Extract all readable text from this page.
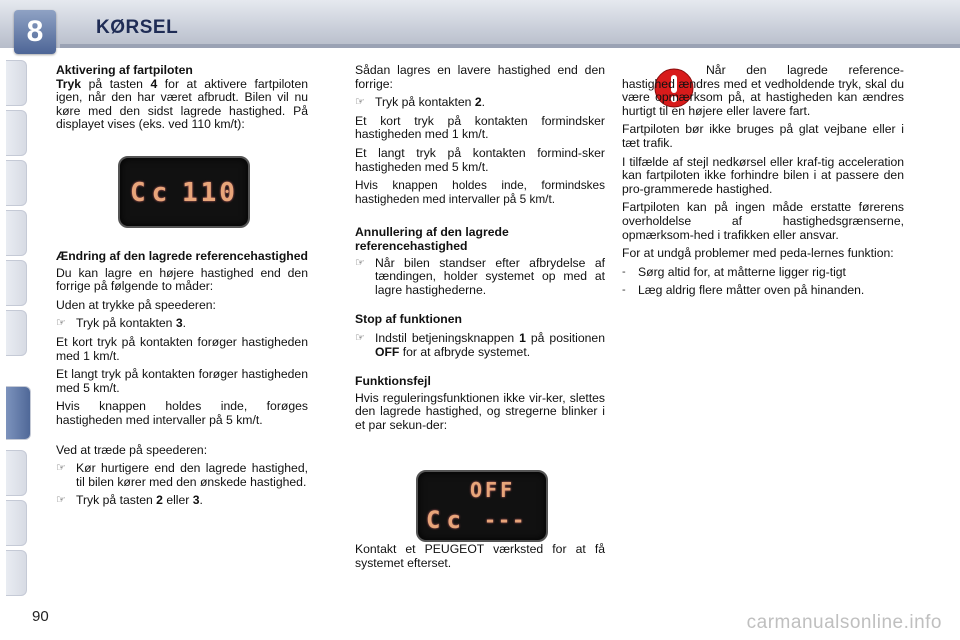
8	KØRSEL
Aktivering af fartpiloten

Tryk på tasten 4 for at aktivere fartpiloten igen, når den har været afbrudt. Bilen vil nu køre med den sidst lagrede hastighed. På displayet vises (eks. ved 110 km/t):

Cc 110
Ændring af den lagrede referencehastighed

Du kan lagre en højere hastighed end den forrige på følgende to måder:

Uden at trykke på speederen:

☞ Tryk på kontakten 3.

Et kort tryk på kontakten forøger hastigheden med 1 km/t.

Et langt tryk på kontakten forøger hastigheden med 5 km/t.

Hvis knappen holdes inde, forøges hastigheden med intervaller på 5 km/t.

Ved at træde på speederen:

☞ Kør hurtigere end den lagrede hastighed, til bilen kører med den ønskede hastighed.
☞ Tryk på tasten 2 eller 3.

Sådan lagres en lavere hastighed end den forrige:

☞ Tryk på kontakten 2.

Et kort tryk på kontakten formindsker hastigheden med 1 km/t.

Et langt tryk på kontakten formind-sker hastigheden med 5 km/t.

Hvis knappen holdes inde, formindskes hastigheden med intervaller på 5 km/t.

Annullering af den lagrede referencehastighed
☞ Når bilen standser efter afbrydelse af tændingen, holder systemet op med at lagre hastighederne.
Stop af funktionen
☞ Indstil betjeningsknappen 1 på positionen OFF for at afbryde systemet.
Funktionsfejl

Hvis reguleringsfunktionen ikke vir-ker, slettes den lagrede hastighed, og stregerne blinker i et par sekun-der:

OFF
Cc ---

Kontakt et PEUGEOT værksted for at få systemet efterset.

Når den lagrede reference-hastighed ændres med et vedholdende tryk, skal du være opmærksom på, at hastigheden kan ændres hurtigt til en højere eller lavere fart.

Fartpiloten bør ikke bruges på glat vejbane eller i tæt trafik.

I tilfælde af stejl nedkørsel eller kraf-tig acceleration kan fartpiloten ikke forhindre bilen i at passere den pro-grammerede hastighed.

Fartpiloten kan på ingen måde erstatte førerens overholdelse af hastighedsgrænserne, opmærksom-hed i trafikken eller ansvar.

For at undgå problemer med peda-lernes funktion:

-	Sørg altid for, at måtterne ligger rig-tigt
-	Læg aldrig flere måtter oven på hinanden.
90	carmanualsonline.info
